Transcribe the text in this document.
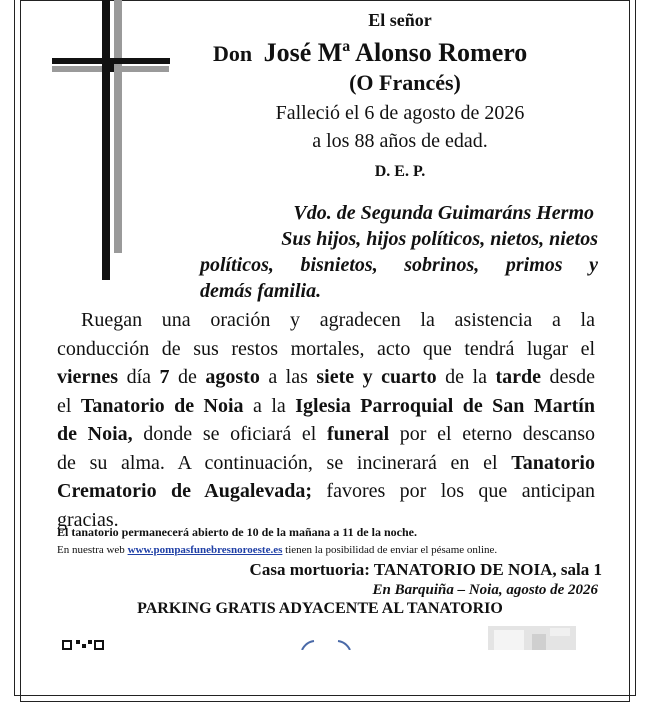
El señor
Don José Mª Alonso Romero
(O Francés)
Falleció el 6 de agosto de 2026
a los 88 años de edad.
D. E. P.
Vdo. de Segunda Guimaráns Hermo
Sus hijos, hijos políticos, nietos, nietos
políticos, bisnietos, sobrinos, primos y
demás familia.
Ruegan una oración y agradecen la asistencia a la
conducción de sus restos mortales, acto que tendrá lugar el
viernes día 7 de agosto a las siete y cuarto de la tarde desde
el Tanatorio de Noia a la Iglesia Parroquial de San Martín
de Noia, donde se oficiará el funeral por el eterno descanso
de su alma. A continuación, se incinerará en el Tanatorio
Crematorio de Augalevada; favores por los que anticipan
gracias.
El tanatorio permanecerá abierto de 10 de la mañana a 11 de la noche.
En nuestra web www.pompasfunebresnoroeste.es tienen la posibilidad de enviar el pésame online.
Casa mortuoria: TANATORIO DE NOIA, sala 1
En Barquiña – Noia, agosto de 2026
PARKING GRATIS ADYACENTE AL TANATORIO
